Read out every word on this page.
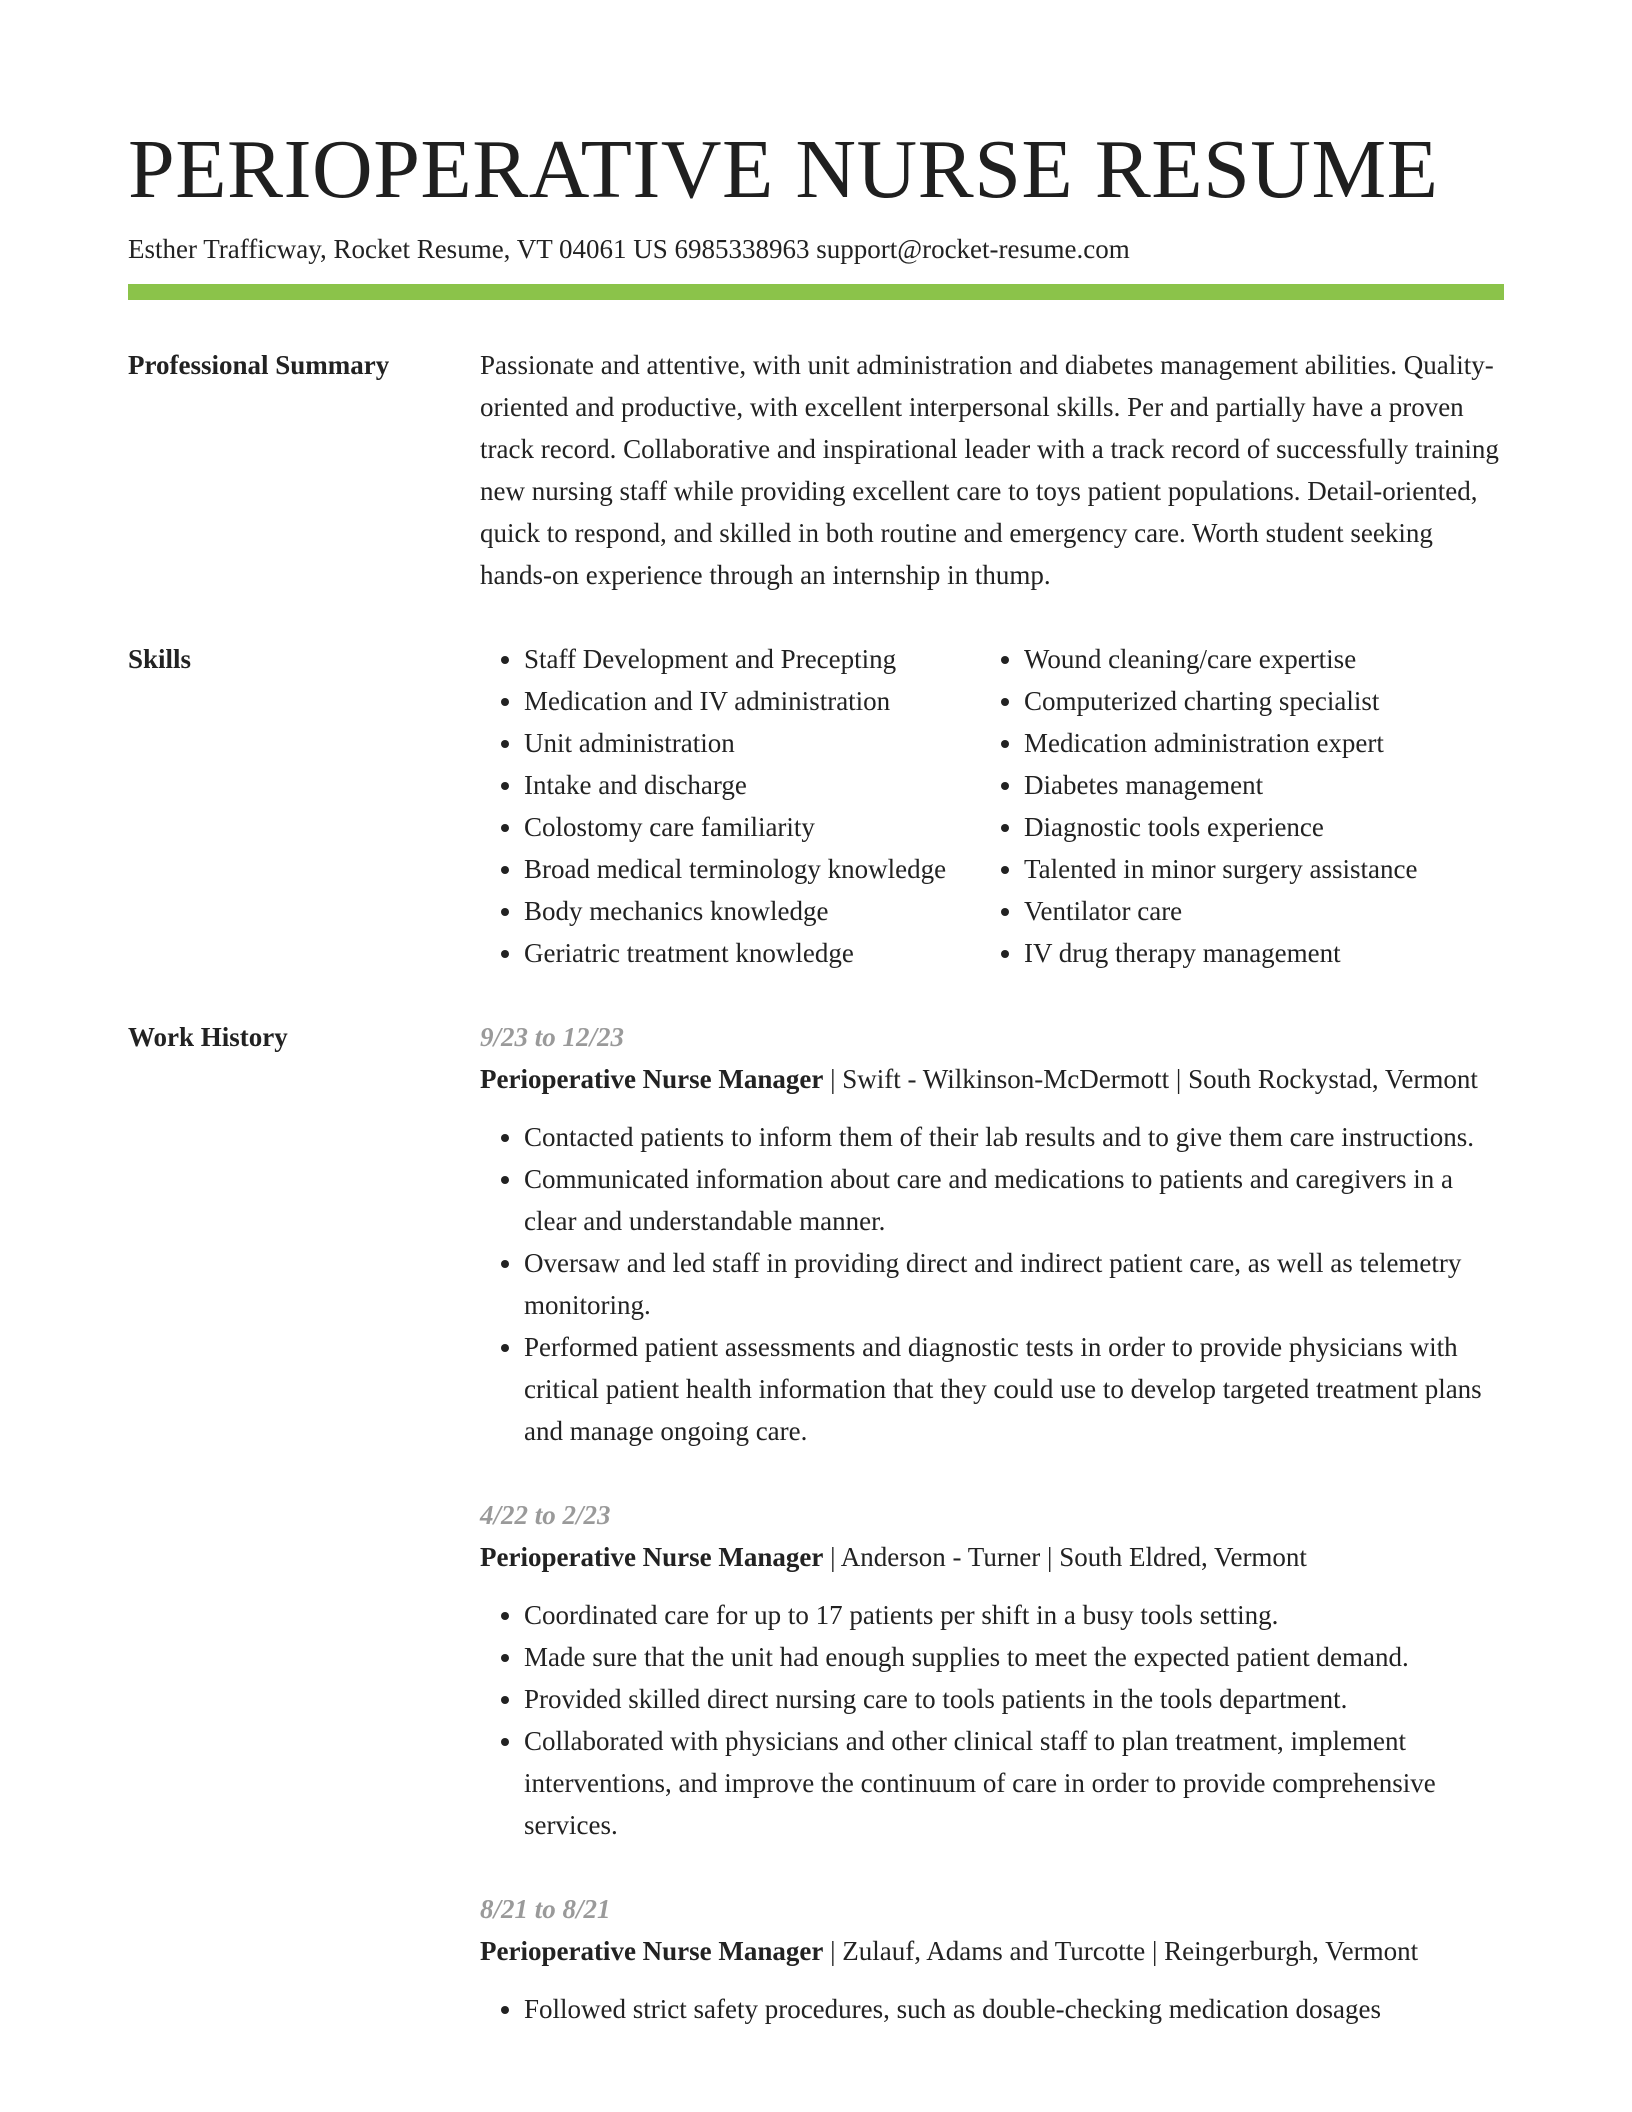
PERIOPERATIVE NURSE RESUME
Esther Trafficway, Rocket Resume, VT 04061 US 6985338963 support@rocket-resume.com
Professional Summary	Passionate and attentive, with unit administration and diabetes management abilities. Quality-oriented and productive, with excellent interpersonal skills. Per and partially have a proven track record. Collaborative and inspirational leader with a track record of successfully training new nursing staff while providing excellent care to toys patient populations. Detail-oriented, quick to respond, and skilled in both routine and emergency care. Worth student seeking hands-on experience through an internship in thump.

Skills
•	Staff Development and Precepting
• Medication and IV administration
• Unit administration
• Intake and discharge
• Colostomy care familiarity
• Broad medical terminology knowledge
• Body mechanics knowledge
• Geriatric treatment knowledge
• Wound cleaning/care expertise
• Computerized charting specialist
• Medication administration expert
• Diabetes management
• Diagnostic tools experience
• Talented in minor surgery assistance
• Ventilator care
• IV drug therapy management
Work History	9/23 to 12/23
Perioperative Nurse Manager | Swift - Wilkinson-McDermott | South Rockystad, Vermont
• Contacted patients to inform them of their lab results and to give them care instructions.
• Communicated information about care and medications to patients and caregivers in a clear and understandable manner.
• Oversaw and led staff in providing direct and indirect patient care, as well as telemetry monitoring.
• Performed patient assessments and diagnostic tests in order to provide physicians with critical patient health information that they could use to develop targeted treatment plans and manage ongoing care.
4/22 to 2/23
Perioperative Nurse Manager | Anderson - Turner | South Eldred, Vermont
• Coordinated care for up to 17 patients per shift in a busy tools setting.
• Made sure that the unit had enough supplies to meet the expected patient demand.
• Provided skilled direct nursing care to tools patients in the tools department.
• Collaborated with physicians and other clinical staff to plan treatment, implement interventions, and improve the continuum of care in order to provide comprehensive services.
8/21 to 8/21
Perioperative Nurse Manager | Zulauf, Adams and Turcotte | Reingerburgh, Vermont
• Followed strict safety procedures, such as double-checking medication dosages
